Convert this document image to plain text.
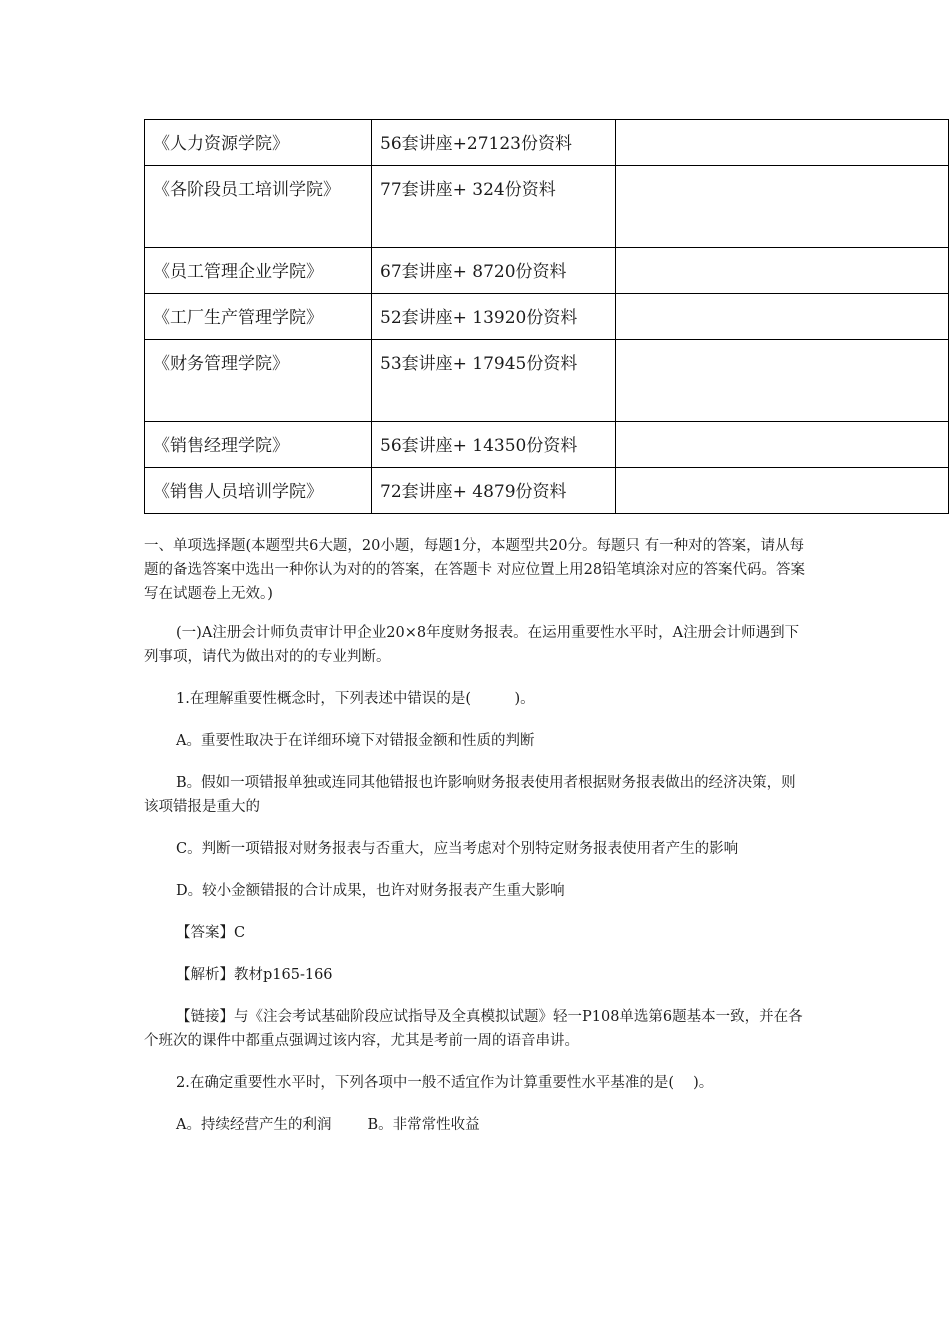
《人力资源学院》	56套讲座+27123份资料	
《各阶段员工培训学院》	77套讲座+ 324份资料	
《员工管理企业学院》	67套讲座+ 8720份资料	
《工厂生产管理学院》	52套讲座+ 13920份资料	
《财务管理学院》	53套讲座+ 17945份资料	
《销售经理学院》	56套讲座+ 14350份资料	
《销售人员培训学院》	72套讲座+ 4879份资料	

一、单项选择题(本题型共6大题，20小题，每题1分，本题型共20分。每题只 有一种对的答案，请从每题的备选答案中选出一种你认为对的的答案，在答题卡 对应位置上用28铅笔填涂对应的答案代码。答案写在试题卷上无效。)

(一)A注册会计师负责审计甲企业20×8年度财务报表。在运用重要性水平时，A注册会计师遇到下列事项，请代为做出对的的专业判断。

1.在理解重要性概念时，下列表述中错误的是(　　　)。

A。重要性取决于在详细环境下对错报金额和性质的判断

B。假如一项错报单独或连同其他错报也许影响财务报表使用者根据财务报表做出的经济决策，则该项错报是重大的

C。判断一项错报对财务报表与否重大，应当考虑对个别特定财务报表使用者产生的影响

D。较小金额错报的合计成果，也许对财务报表产生重大影响

【答案】C

【解析】教材p165-166

【链接】与《注会考试基础阶段应试指导及全真模拟试题》轻一P108单选第6题基本一致，并在各个班次的课件中都重点强调过该内容，尤其是考前一周的语音串讲。

2.在确定重要性水平时，下列各项中一般不适宜作为计算重要性水平基准的是( 　)。

A。持续经营产生的利润 B。非常常性收益
